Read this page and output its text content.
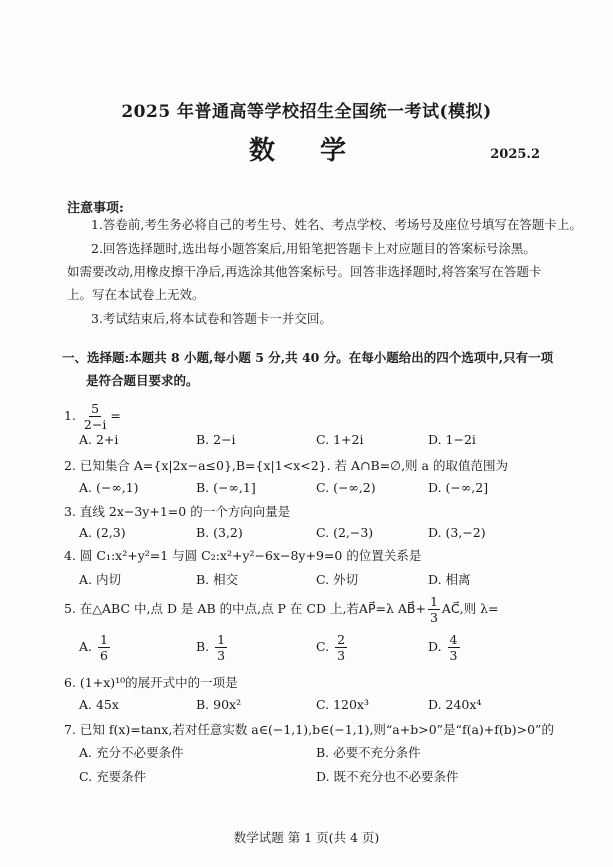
2025 年普通高等学校招生全国统一考试(模拟)
数 学	2025.2
注意事项:
1.答卷前,考生务必将自己的考生号、姓名、考点学校、考场号及座位号填写在答题卡上。
2.回答选择题时,选出每小题答案后,用铅笔把答题卡上对应题目的答案标号涂黑。
如需要改动,用橡皮擦干净后,再选涂其他答案标号。回答非选择题时,将答案写在答题卡
上。写在本试卷上无效。
3.考试结束后,将本试卷和答题卡一并交回。
一、选择题:本题共 8 小题,每小题 5 分,共 40 分。在每小题给出的四个选项中,只有一项
是符合题目要求的。
1. $\frac{5}{2-i}$ =
A. 2+i	B. 2−i	C. 1+2i	D. 1−2i
2. 已知集合 A={x|2x−a≤0},B={x|1<x<2}. 若 A∩B=∅,则 a 的取值范围为
A. (−∞,1)	B. (−∞,1]	C. (−∞,2)	D. (−∞,2]
3. 直线 2x−3y+1=0 的一个方向向量是
A. (2,3)	B. (3,2)	C. (2,−3)	D. (3,−2)
4. 圆 C₁:x²+y²=1 与圆 C₂:x²+y²−6x−8y+9=0 的位置关系是
A. 内切	B. 相交	C. 外切	D. 相离
5. 在△ABC 中,点 D 是 AB 的中点,点 P 在 CD 上,若AP⃗=λ AB⃗+ $\frac{1}{3}$ AC⃗,则 λ=
A. $\frac{1}{6}$	B. $\frac{1}{3}$	C. $\frac{2}{3}$	D. $\frac{4}{3}$
6. (1+x)¹⁰的展开式中的一项是
A. 45x	B. 90x²	C. 120x³	D. 240x⁴
7. 已知 f(x)=tanx,若对任意实数 a∈(−1,1),b∈(−1,1),则“a+b>0”是“f(a)+f(b)>0”的
A. 充分不必要条件	B. 必要不充分条件
C. 充要条件	D. 既不充分也不必要条件
数学试题 第 1 页(共 4 页)
